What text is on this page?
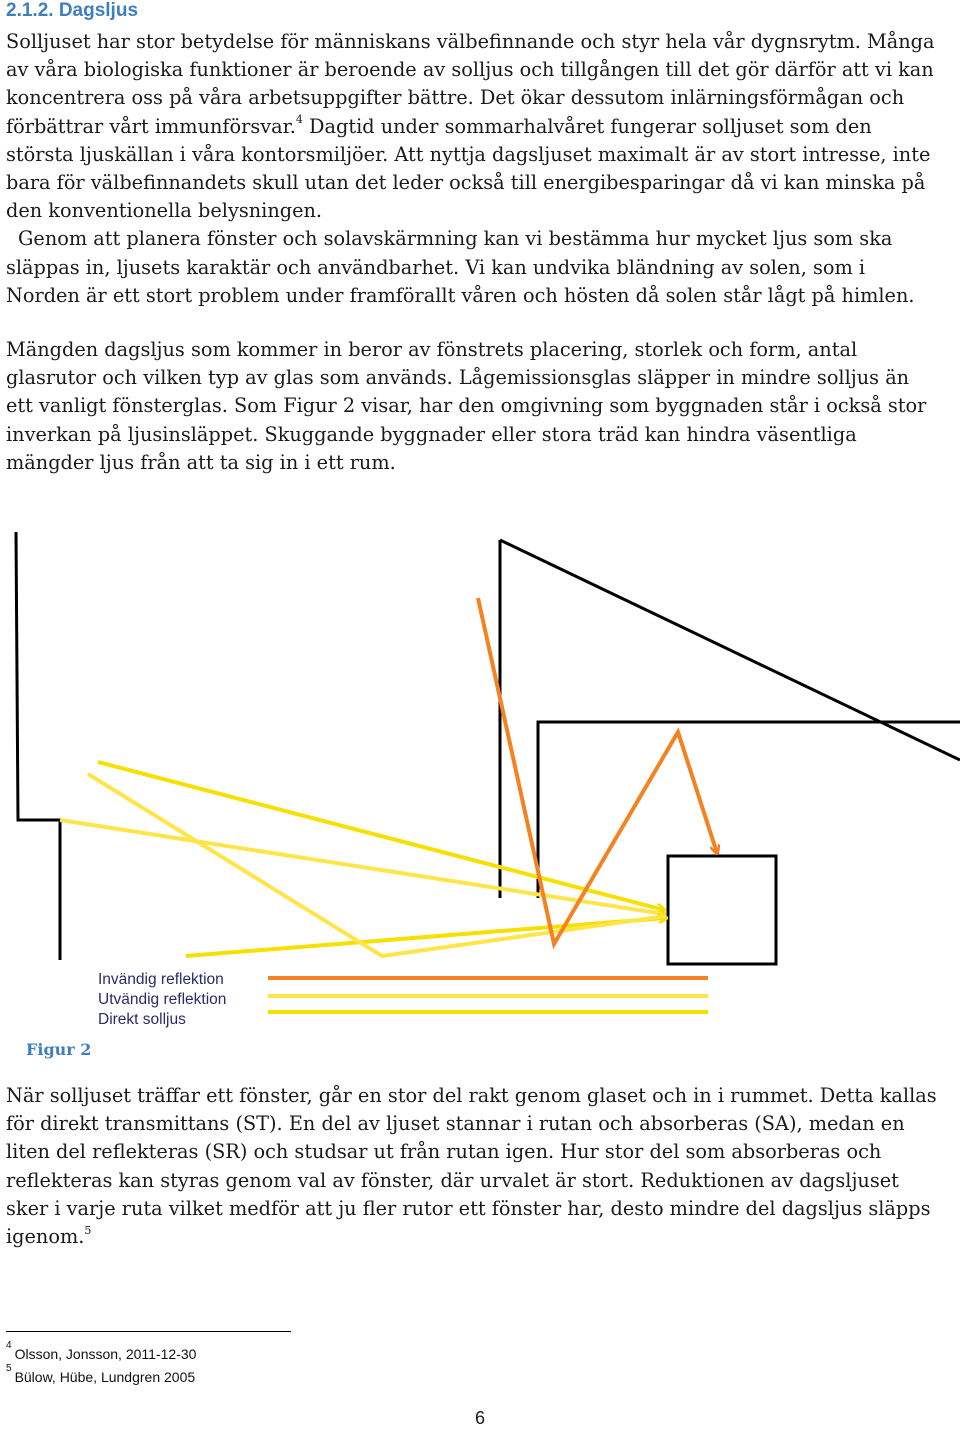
2.1.2. Dagsljus

Solljuset har stor betydelse för människans välbefinnande och styr hela vår dygnsrytm. Många
av våra biologiska funktioner är beroende av solljus och tillgången till det gör därför att vi kan
koncentrera oss på våra arbetsuppgifter bättre. Det ökar dessutom inlärningsförmågan och
förbättrar vårt immunförsvar.$^4$ Dagtid under sommarhalvåret fungerar solljuset som den
största ljuskällan i våra kontorsmiljöer. Att nyttja dagsljuset maximalt är av stort intresse, inte
bara för välbefinnandets skull utan det leder också till energibesparingar då vi kan minska på
den konventionella belysningen.
Genom att planera fönster och solavskärmning kan vi bestämma hur mycket ljus som ska
släppas in, ljusets karaktär och användbarhet. Vi kan undvika bländning av solen, som i
Norden är ett stort problem under framförallt våren och hösten då solen står lågt på himlen.

Mängden dagsljus som kommer in beror av fönstrets placering, storlek och form, antal
glasrutor och vilken typ av glas som används. Lågemissionsglas släpper in mindre solljus än
ett vanligt fönsterglas. Som Figur 2 visar, har den omgivning som byggnaden står i också stor
inverkan på ljusinsläppet. Skuggande byggnader eller stora träd kan hindra väsentliga
mängder ljus från att ta sig in i ett rum.

Invändig reflektion
Utvändig reflektion
Direkt solljus
Figur 2

När solljuset träffar ett fönster, går en stor del rakt genom glaset och in i rummet. Detta kallas
för direkt transmittans (ST). En del av ljuset stannar i rutan och absorberas (SA), medan en
liten del reflekteras (SR) och studsar ut från rutan igen. Hur stor del som absorberas och
reflekteras kan styras genom val av fönster, där urvalet är stort. Reduktionen av dagsljuset
sker i varje ruta vilket medför att ju fler rutor ett fönster har, desto mindre del dagsljus släpps
igenom.$^5$

$^4$Olsson, Jonsson, 2011-12-30
$^5$Bülow, Hübe, Lundgren 2005
6
